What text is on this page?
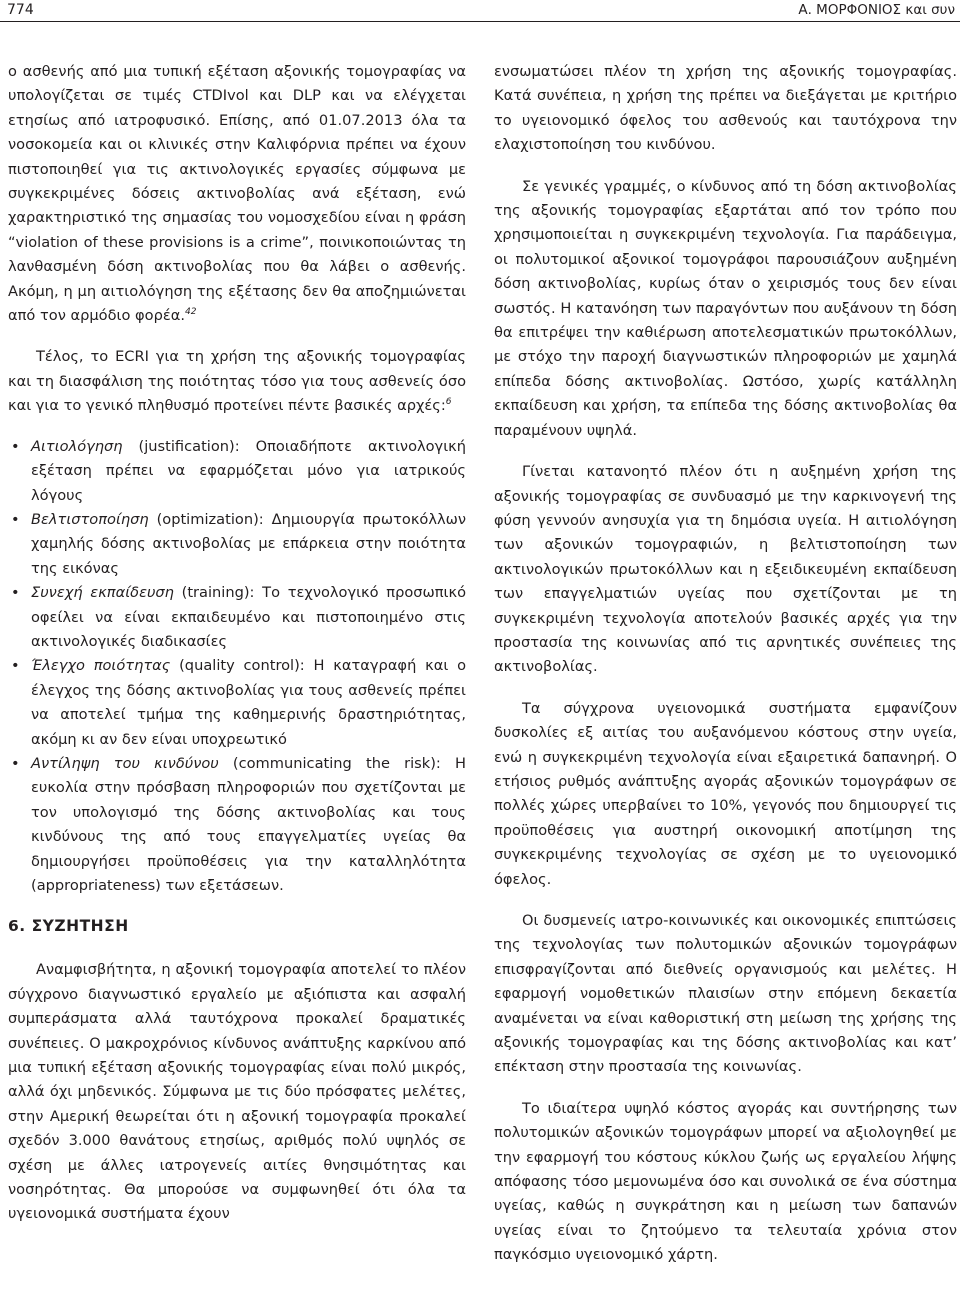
774	Α. ΜΟΡΦΟΝΙΟΣ και συν

ο ασθενής από μια τυπική εξέταση αξονικής τομογραφίας να υπολογίζεται σε τιμές CTDIvol και DLP και να ελέγχεται ετησίως από ιατροφυσικό. Επίσης, από 01.07.2013 όλα τα νοσοκομεία και οι κλινικές στην Καλιφόρνια πρέπει να έχουν πιστοποιηθεί για τις ακτινολογικές εργασίες σύμφωνα με συγκεκριμένες δόσεις ακτινοβολίας ανά εξέταση, ενώ χαρακτηριστικό της σημασίας του νομοσχεδίου είναι η φράση “violation of these provisions is a crime”, ποινικοποιώντας τη λανθασμένη δόση ακτινοβολίας που θα λάβει ο ασθενής. Ακόμη, η μη αιτιολόγηση της εξέτασης δεν θα αποζημιώνεται από τον αρμόδιο φορέα.$^{42}$

Τέλος, το ECRI για τη χρήση της αξονικής τομογραφίας και τη διασφάλιση της ποιότητας τόσο για τους ασθενείς όσο και για το γενικό πληθυσμό προτείνει πέντε βασικές αρχές:$^6$

• Αιτιολόγηση (justification): Οποιαδήποτε ακτινολογική εξέταση πρέπει να εφαρμόζεται μόνο για ιατρικούς λόγους
• Βελτιστοποίηση (optimization): Δημιουργία πρωτοκόλλων χαμηλής δόσης ακτινοβολίας με επάρκεια στην ποιότητα της εικόνας
• Συνεχή εκπαίδευση (training): Το τεχνολογικό προσωπικό οφείλει να είναι εκπαιδευμένο και πιστοποιημένο στις ακτινολογικές διαδικασίες
• Έλεγχο ποιότητας (quality control): Η καταγραφή και ο έλεγχος της δόσης ακτινοβολίας για τους ασθενείς πρέπει να αποτελεί τμήμα της καθημερινής δραστηριότητας, ακόμη κι αν δεν είναι υποχρεωτικό
• Αντίληψη του κινδύνου (communicating the risk): Η ευκολία στην πρόσβαση πληροφοριών που σχετίζονται με τον υπολογισμό της δόσης ακτινοβολίας και τους κινδύνους της από τους επαγγελματίες υγείας θα δημιουργήσει προϋποθέσεις για την καταλληλότητα (appropriateness) των εξετάσεων.
6. ΣΥΖΗΤΗΣΗ

Αναμφισβήτητα, η αξονική τομογραφία αποτελεί το πλέον σύγχρονο διαγνωστικό εργαλείο με αξιόπιστα και ασφαλή συμπεράσματα αλλά ταυτόχρονα προκαλεί δραματικές συνέπειες. Ο μακροχρόνιος κίνδυνος ανάπτυξης καρκίνου από μια τυπική εξέταση αξονικής τομογραφίας είναι πολύ μικρός, αλλά όχι μηδενικός. Σύμφωνα με τις δύο πρόσφατες μελέτες, στην Αμερική θεωρείται ότι η αξονική τομογραφία προκαλεί σχεδόν 3.000 θανάτους ετησίως, αριθμός πολύ υψηλός σε σχέση με άλλες ιατρογενείς αιτίες θνησιμότητας και νοσηρότητας. Θα μπορούσε να συμφωνηθεί ότι όλα τα υγειονομικά συστήματα έχουν

ενσωματώσει πλέον τη χρήση της αξονικής τομογραφίας. Κατά συνέπεια, η χρήση της πρέπει να διεξάγεται με κριτήριο το υγειονομικό όφελος του ασθενούς και ταυτόχρονα την ελαχιστοποίηση του κινδύνου.

Σε γενικές γραμμές, ο κίνδυνος από τη δόση ακτινοβολίας της αξονικής τομογραφίας εξαρτάται από τον τρόπο που χρησιμοποιείται η συγκεκριμένη τεχνολογία. Για παράδειγμα, οι πολυτομικοί αξονικοί τομογράφοι παρουσιάζουν αυξημένη δόση ακτινοβολίας, κυρίως όταν ο χειρισμός τους δεν είναι σωστός. Η κατανόηση των παραγόντων που αυξάνουν τη δόση θα επιτρέψει την καθιέρωση αποτελεσματικών πρωτοκόλλων, με στόχο την παροχή διαγνωστικών πληροφοριών με χαμηλά επίπεδα δόσης ακτινοβολίας. Ωστόσο, χωρίς κατάλληλη εκπαίδευση και χρήση, τα επίπεδα της δόσης ακτινοβολίας θα παραμένουν υψηλά.

Γίνεται κατανοητό πλέον ότι η αυξημένη χρήση της αξονικής τομογραφίας σε συνδυασμό με την καρκινογενή της φύση γεννούν ανησυχία για τη δημόσια υγεία. Η αιτιολόγηση των αξονικών τομογραφιών, η βελτιστοποίηση των ακτινολογικών πρωτοκόλλων και η εξειδικευμένη εκπαίδευση των επαγγελματιών υγείας που σχετίζονται με τη συγκεκριμένη τεχνολογία αποτελούν βασικές αρχές για την προστασία της κοινωνίας από τις αρνητικές συνέπειες της ακτινοβολίας.

Τα σύγχρονα υγειονομικά συστήματα εμφανίζουν δυσκολίες εξ αιτίας του αυξανόμενου κόστους στην υγεία, ενώ η συγκεκριμένη τεχνολογία είναι εξαιρετικά δαπανηρή. Ο ετήσιος ρυθμός ανάπτυξης αγοράς αξονικών τομογράφων σε πολλές χώρες υπερβαίνει το 10%, γεγονός που δημιουργεί τις προϋποθέσεις για αυστηρή οικονομική αποτίμηση της συγκεκριμένης τεχνολογίας σε σχέση με το υγειονομικό όφελος.

Οι δυσμενείς ιατρο-κοινωνικές και οικονομικές επιπτώσεις της τεχνολογίας των πολυτομικών αξονικών τομογράφων επισφραγίζονται από διεθνείς οργανισμούς και μελέτες. Η εφαρμογή νομοθετικών πλαισίων στην επόμενη δεκαετία αναμένεται να είναι καθοριστική στη μείωση της χρήσης της αξονικής τομογραφίας και της δόσης ακτινοβολίας και κατ’ επέκταση στην προστασία της κοινωνίας.

Το ιδιαίτερα υψηλό κόστος αγοράς και συντήρησης των πολυτομικών αξονικών τομογράφων μπορεί να αξιολογηθεί με την εφαρμογή του κόστους κύκλου ζωής ως εργαλείου λήψης απόφασης τόσο μεμονωμένα όσο και συνολικά σε ένα σύστημα υγείας, καθώς η συγκράτηση και η μείωση των δαπανών υγείας είναι το ζητούμενο τα τελευταία χρόνια στον παγκόσμιο υγειονομικό χάρτη.
